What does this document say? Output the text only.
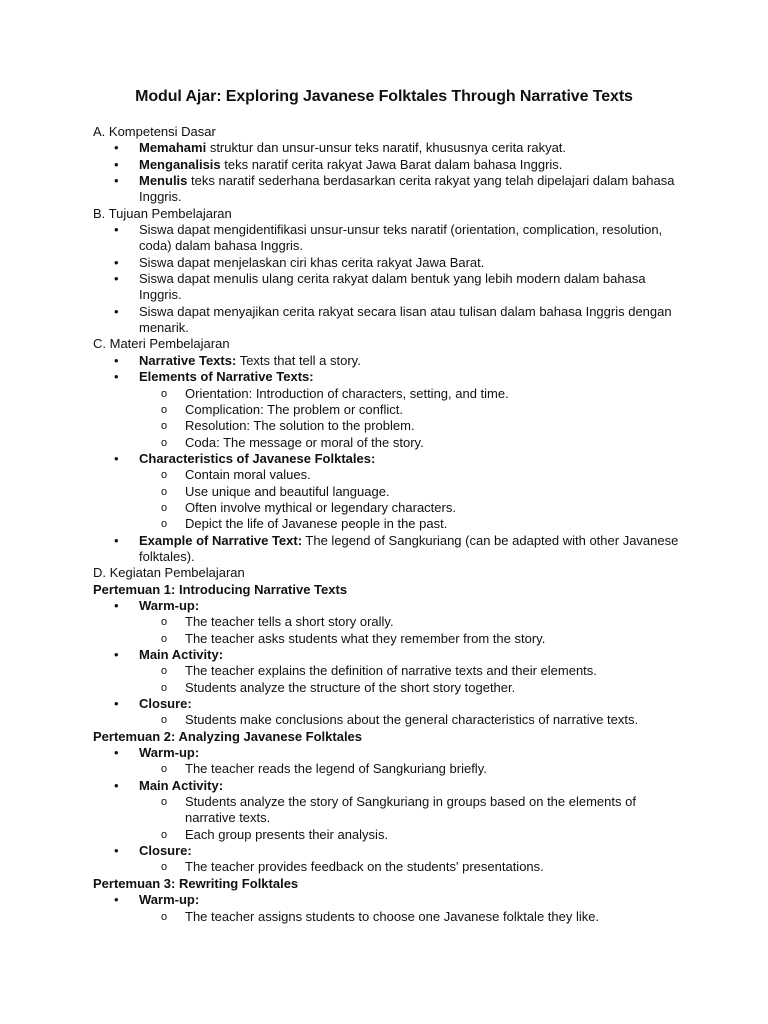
Modul Ajar: Exploring Javanese Folktales Through Narrative Texts
A. Kompetensi Dasar
• Memahami struktur dan unsur-unsur teks naratif, khususnya cerita rakyat.
• Menganalisis teks naratif cerita rakyat Jawa Barat dalam bahasa Inggris.
• Menulis teks naratif sederhana berdasarkan cerita rakyat yang telah dipelajari dalam bahasa Inggris.
B. Tujuan Pembelajaran
• Siswa dapat mengidentifikasi unsur-unsur teks naratif (orientation, complication, resolution, coda) dalam bahasa Inggris.
• Siswa dapat menjelaskan ciri khas cerita rakyat Jawa Barat.
• Siswa dapat menulis ulang cerita rakyat dalam bentuk yang lebih modern dalam bahasa Inggris.
• Siswa dapat menyajikan cerita rakyat secara lisan atau tulisan dalam bahasa Inggris dengan menarik.
C. Materi Pembelajaran
• Narrative Texts: Texts that tell a story.
• Elements of Narrative Texts:
o Orientation: Introduction of characters, setting, and time.
o Complication: The problem or conflict.
o Resolution: The solution to the problem.
o Coda: The message or moral of the story.
• Characteristics of Javanese Folktales:
o Contain moral values.
o Use unique and beautiful language.
o Often involve mythical or legendary characters.
o Depict the life of Javanese people in the past.
• Example of Narrative Text: The legend of Sangkuriang (can be adapted with other Javanese folktales).
D. Kegiatan Pembelajaran
Pertemuan 1: Introducing Narrative Texts
• Warm-up:
o The teacher tells a short story orally.
o The teacher asks students what they remember from the story.
• Main Activity:
o The teacher explains the definition of narrative texts and their elements.
o Students analyze the structure of the short story together.
• Closure:
o Students make conclusions about the general characteristics of narrative texts.
Pertemuan 2: Analyzing Javanese Folktales
• Warm-up:
o The teacher reads the legend of Sangkuriang briefly.
• Main Activity:
o Students analyze the story of Sangkuriang in groups based on the elements of narrative texts.
o Each group presents their analysis.
• Closure:
o The teacher provides feedback on the students' presentations.
Pertemuan 3: Rewriting Folktales
• Warm-up:
o The teacher assigns students to choose one Javanese folktale they like.
